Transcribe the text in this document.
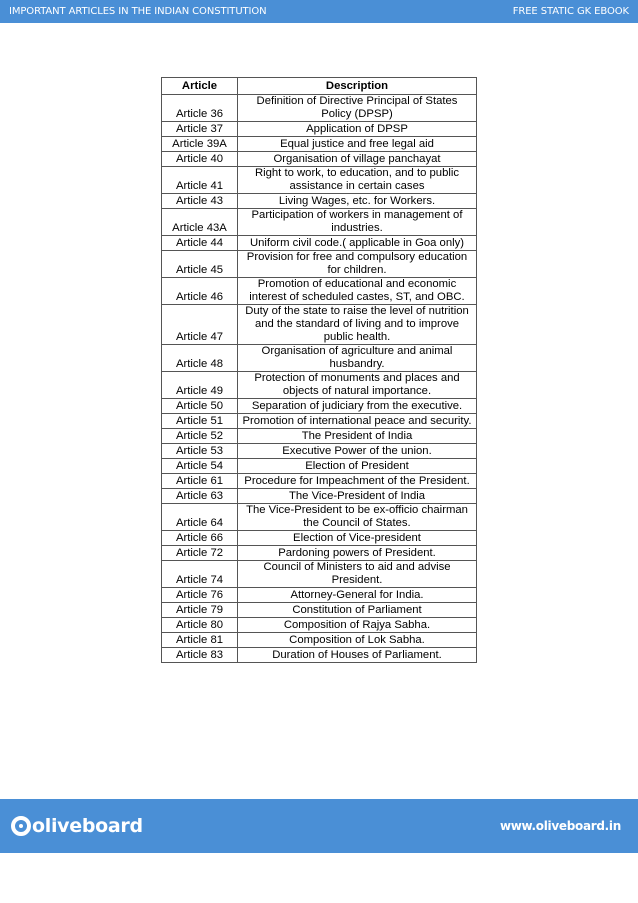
IMPORTANT ARTICLES IN THE INDIAN CONSTITUTION	FREE STATIC GK EBOOK
Article	Description
Article 36	Definition of Directive Principal of States Policy (DPSP)
Article 37	Application of DPSP
Article 39A	Equal justice and free legal aid
Article 40	Organisation of village panchayat
Article 41	Right to work, to education, and to public assistance in certain cases
Article 43	Living Wages, etc. for Workers.
Article 43A	Participation of workers in management of industries.
Article 44	Uniform civil code.( applicable in Goa only)
Article 45	Provision for free and compulsory education for children.
Article 46	Promotion of educational and economic interest of scheduled castes, ST, and OBC.
Article 47	Duty of the state to raise the level of nutrition and the standard of living and to improve public health.
Article 48	Organisation of agriculture and animal husbandry.
Article 49	Protection of monuments and places and objects of natural importance.
Article 50	Separation of judiciary from the executive.
Article 51	Promotion of international peace and security.
Article 52	The President of India
Article 53	Executive Power of the union.
Article 54	Election of President
Article 61	Procedure for Impeachment of the President.
Article 63	The Vice-President of India
Article 64	The Vice-President to be ex-officio chairman the Council of States.
Article 66	Election of Vice-president
Article 72	Pardoning powers of President.
Article 74	Council of Ministers to aid and advise President.
Article 76	Attorney-General for India.
Article 79	Constitution of Parliament
Article 80	Composition of Rajya Sabha.
Article 81	Composition of Lok Sabha.
Article 83	Duration of Houses of Parliament.
oliveboard	www.oliveboard.in
